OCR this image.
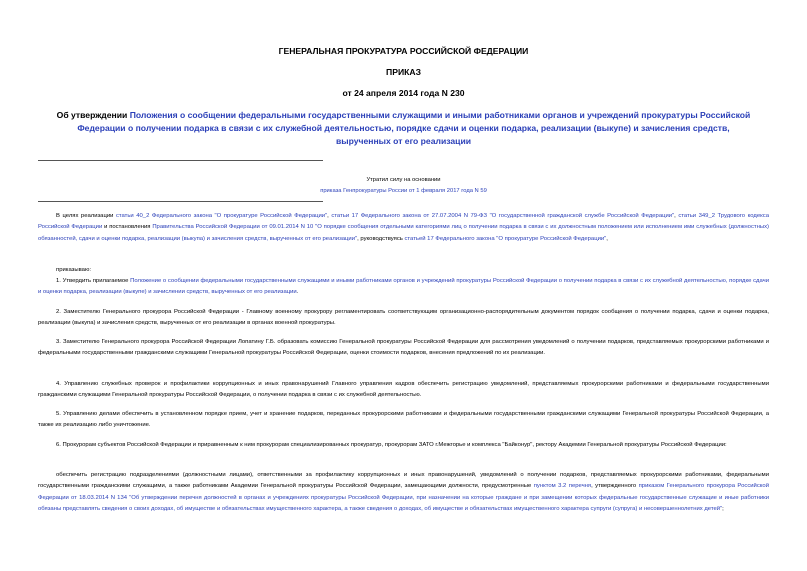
ГЕНЕРАЛЬНАЯ ПРОКУРАТУРА РОССИЙСКОЙ ФЕДЕРАЦИИ
ПРИКАЗ
от 24 апреля 2014 года N 230
Об утверждении Положения о сообщении федеральными государственными служащими и иными работниками органов и учреждений прокуратуры Российской Федерации о получении подарка в связи с их служебной деятельностью, порядке сдачи и оценки подарка, реализации (выкупе) и зачисления средств, вырученных от его реализации
Утратил силу на основании
приказа Генпрокуратуры России от 1 февраля 2017 года N 59
В целях реализации статьи 40_2 Федерального закона "О прокуратуре Российской Федерации", статьи 17 Федерального закона от 27.07.2004 N 79-ФЗ "О государственной гражданской службе Российской Федерации", статьи 349_2 Трудового кодекса Российской Федерации и постановления Правительства Российской Федерации от 09.01.2014 N 10 "О порядке сообщения отдельными категориями лиц о получении подарка в связи с их должностным положением или исполнением ими служебных (должностных) обязанностей, сдачи и оценки подарка, реализации (выкупа) и зачисления средств, вырученных от его реализации", руководствуясь статьей 17 Федерального закона "О прокуратуре Российской Федерации",
приказываю:
1. Утвердить прилагаемое Положение о сообщении федеральными государственными служащими и иными работниками органов и учреждений прокуратуры Российской Федерации о получении подарка в связи с их служебной деятельностью, порядке сдачи и оценки подарка, реализации (выкупе) и зачислении средств, вырученных от его реализации.
2. Заместителю Генерального прокурора Российской Федерации - Главному военному прокурору регламентировать соответствующим организационно-распорядительным документом порядок сообщения о получении подарка, сдачи и оценки подарка, реализации (выкупа) и зачисления средств, вырученных от его реализации в органах военной прокуратуры.
3. Заместителю Генерального прокурора Российской Федерации Лопатину Г.Б. образовать комиссию Генеральной прокуратуры Российской Федерации для рассмотрения уведомлений о получении подарков, представляемых прокурорскими работниками и федеральными государственными гражданскими служащими Генеральной прокуратуры Российской Федерации, оценки стоимости подарков, внесения предложений по их реализации.
4. Управлению служебных проверок и профилактики коррупционных и иных правонарушений Главного управления кадров обеспечить регистрацию уведомлений, представляемых прокурорскими работниками и федеральными государственными гражданскими служащими Генеральной прокуратуры Российской Федерации, о получении подарка в связи с их служебной деятельностью.
5. Управлению делами обеспечить в установленном порядке прием, учет и хранение подарков, переданных прокурорскими работниками и федеральными государственными гражданскими служащими Генеральной прокуратуры Российской Федерации, а также их реализацию либо уничтожение.
6. Прокурорам субъектов Российской Федерации и приравненным к ним прокурорам специализированных прокуратур, прокурорам ЗАТО г.Межгорье и комплекса "Байконур", ректору Академии Генеральной прокуратуры Российской Федерации:
обеспечить регистрацию подразделениями (должностными лицами), ответственными за профилактику коррупционных и иных правонарушений, уведомлений о получении подарков, представляемых прокурорскими работниками, федеральными государственными гражданскими служащими, а также работниками Академии Генеральной прокуратуры Российской Федерации, замещающими должности, предусмотренные пунктом 3.2 перечня, утвержденного приказом Генерального прокурора Российской Федерации от 18.03.2014 N 134 "Об утверждении перечня должностей в органах и учреждениях прокуратуры Российской Федерации, при назначении на которые граждане и при замещении которых федеральные государственные служащие и иные работники обязаны представлять сведения о своих доходах, об имуществе и обязательствах имущественного характера, а также сведения о доходах, об имуществе и обязательствах имущественного характера супруги (супруга) и несовершеннолетних детей";
